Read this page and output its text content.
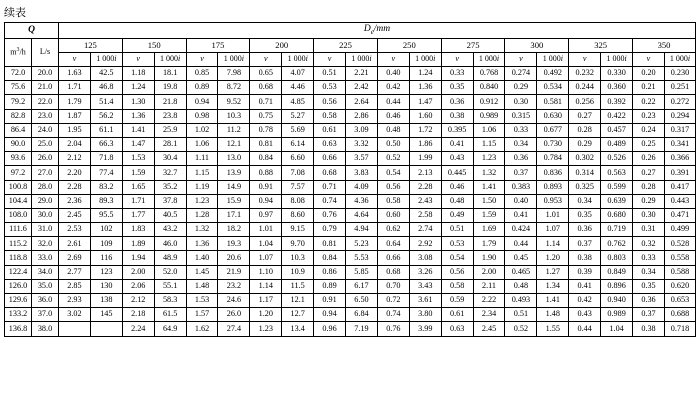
续表
Q		$D_e/mm$																			
$m^3/h$	L/s	125		150		175		200		225		250		275		300		325		350	
		v	1 000i	v	1 000i	v	1 000i	v	1 000i	v	1 000i	v	1 000i	v	1 000i	v	1 000i	v	1 000i	v	1 000i
72.0	20.0	1.63	42.5	1.18	18.1	0.85	7.98	0.65	4.07	0.51	2.21	0.40	1.24	0.33	0.768	0.274	0.492	0.232	0.330	0.20	0.230
75.6	21.0	1.71	46.8	1.24	19.8	0.89	8.72	0.68	4.46	0.53	2.42	0.42	1.36	0.35	0.840	0.29	0.534	0.244	0.360	0.21	0.251
79.2	22.0	1.79	51.4	1.30	21.8	0.94	9.52	0.71	4.85	0.56	2.64	0.44	1.47	0.36	0.912	0.30	0.581	0.256	0.392	0.22	0.272
82.8	23.0	1.87	56.2	1.36	23.8	0.98	10.3	0.75	5.27	0.58	2.86	0.46	1.60	0.38	0.989	0.315	0.630	0.27	0.422	0.23	0.294
86.4	24.0	1.95	61.1	1.41	25.9	1.02	11.2	0.78	5.69	0.61	3.09	0.48	1.72	0.395	1.06	0.33	0.677	0.28	0.457	0.24	0.317
90.0	25.0	2.04	66.3	1.47	28.1	1.06	12.1	0.81	6.14	0.63	3.32	0.50	1.86	0.41	1.15	0.34	0.730	0.29	0.489	0.25	0.341
93.6	26.0	2.12	71.8	1.53	30.4	1.11	13.0	0.84	6.60	0.66	3.57	0.52	1.99	0.43	1.23	0.36	0.784	0.302	0.526	0.26	0.366
97.2	27.0	2.20	77.4	1.59	32.7	1.15	13.9	0.88	7.08	0.68	3.83	0.54	2.13	0.445	1.32	0.37	0.836	0.314	0.563	0.27	0.391
100.8	28.0	2.28	83.2	1.65	35.2	1.19	14.9	0.91	7.57	0.71	4.09	0.56	2.28	0.46	1.41	0.383	0.893	0.325	0.599	0.28	0.417
104.4	29.0	2.36	89.3	1.71	37.8	1.23	15.9	0.94	8.08	0.74	4.36	0.58	2.43	0.48	1.50	0.40	0.953	0.34	0.639	0.29	0.443
108.0	30.0	2.45	95.5	1.77	40.5	1.28	17.1	0.97	8.60	0.76	4.64	0.60	2.58	0.49	1.59	0.41	1.01	0.35	0.680	0.30	0.471
111.6	31.0	2.53	102	1.83	43.2	1.32	18.2	1.01	9.15	0.79	4.94	0.62	2.74	0.51	1.69	0.424	1.07	0.36	0.719	0.31	0.499
115.2	32.0	2.61	109	1.89	46.0	1.36	19.3	1.04	9.70	0.81	5.23	0.64	2.92	0.53	1.79	0.44	1.14	0.37	0.762	0.32	0.528
118.8	33.0	2.69	116	1.94	48.9	1.40	20.6	1.07	10.3	0.84	5.53	0.66	3.08	0.54	1.90	0.45	1.20	0.38	0.803	0.33	0.558
122.4	34.0	2.77	123	2.00	52.0	1.45	21.9	1.10	10.9	0.86	5.85	0.68	3.26	0.56	2.00	0.465	1.27	0.39	0.849	0.34	0.588
126.0	35.0	2.85	130	2.06	55.1	1.48	23.2	1.14	11.5	0.89	6.17	0.70	3.43	0.58	2.11	0.48	1.34	0.41	0.896	0.35	0.620
129.6	36.0	2.93	138	2.12	58.3	1.53	24.6	1.17	12.1	0.91	6.50	0.72	3.61	0.59	2.22	0.493	1.41	0.42	0.940	0.36	0.653
133.2	37.0	3.02	145	2.18	61.5	1.57	26.0	1.20	12.7	0.94	6.84	0.74	3.80	0.61	2.34	0.51	1.48	0.43	0.989	0.37	0.688
136.8	38.0			2.24	64.9	1.62	27.4	1.23	13.4	0.96	7.19	0.76	3.99	0.63	2.45	0.52	1.55	0.44	1.04	0.38	0.718
